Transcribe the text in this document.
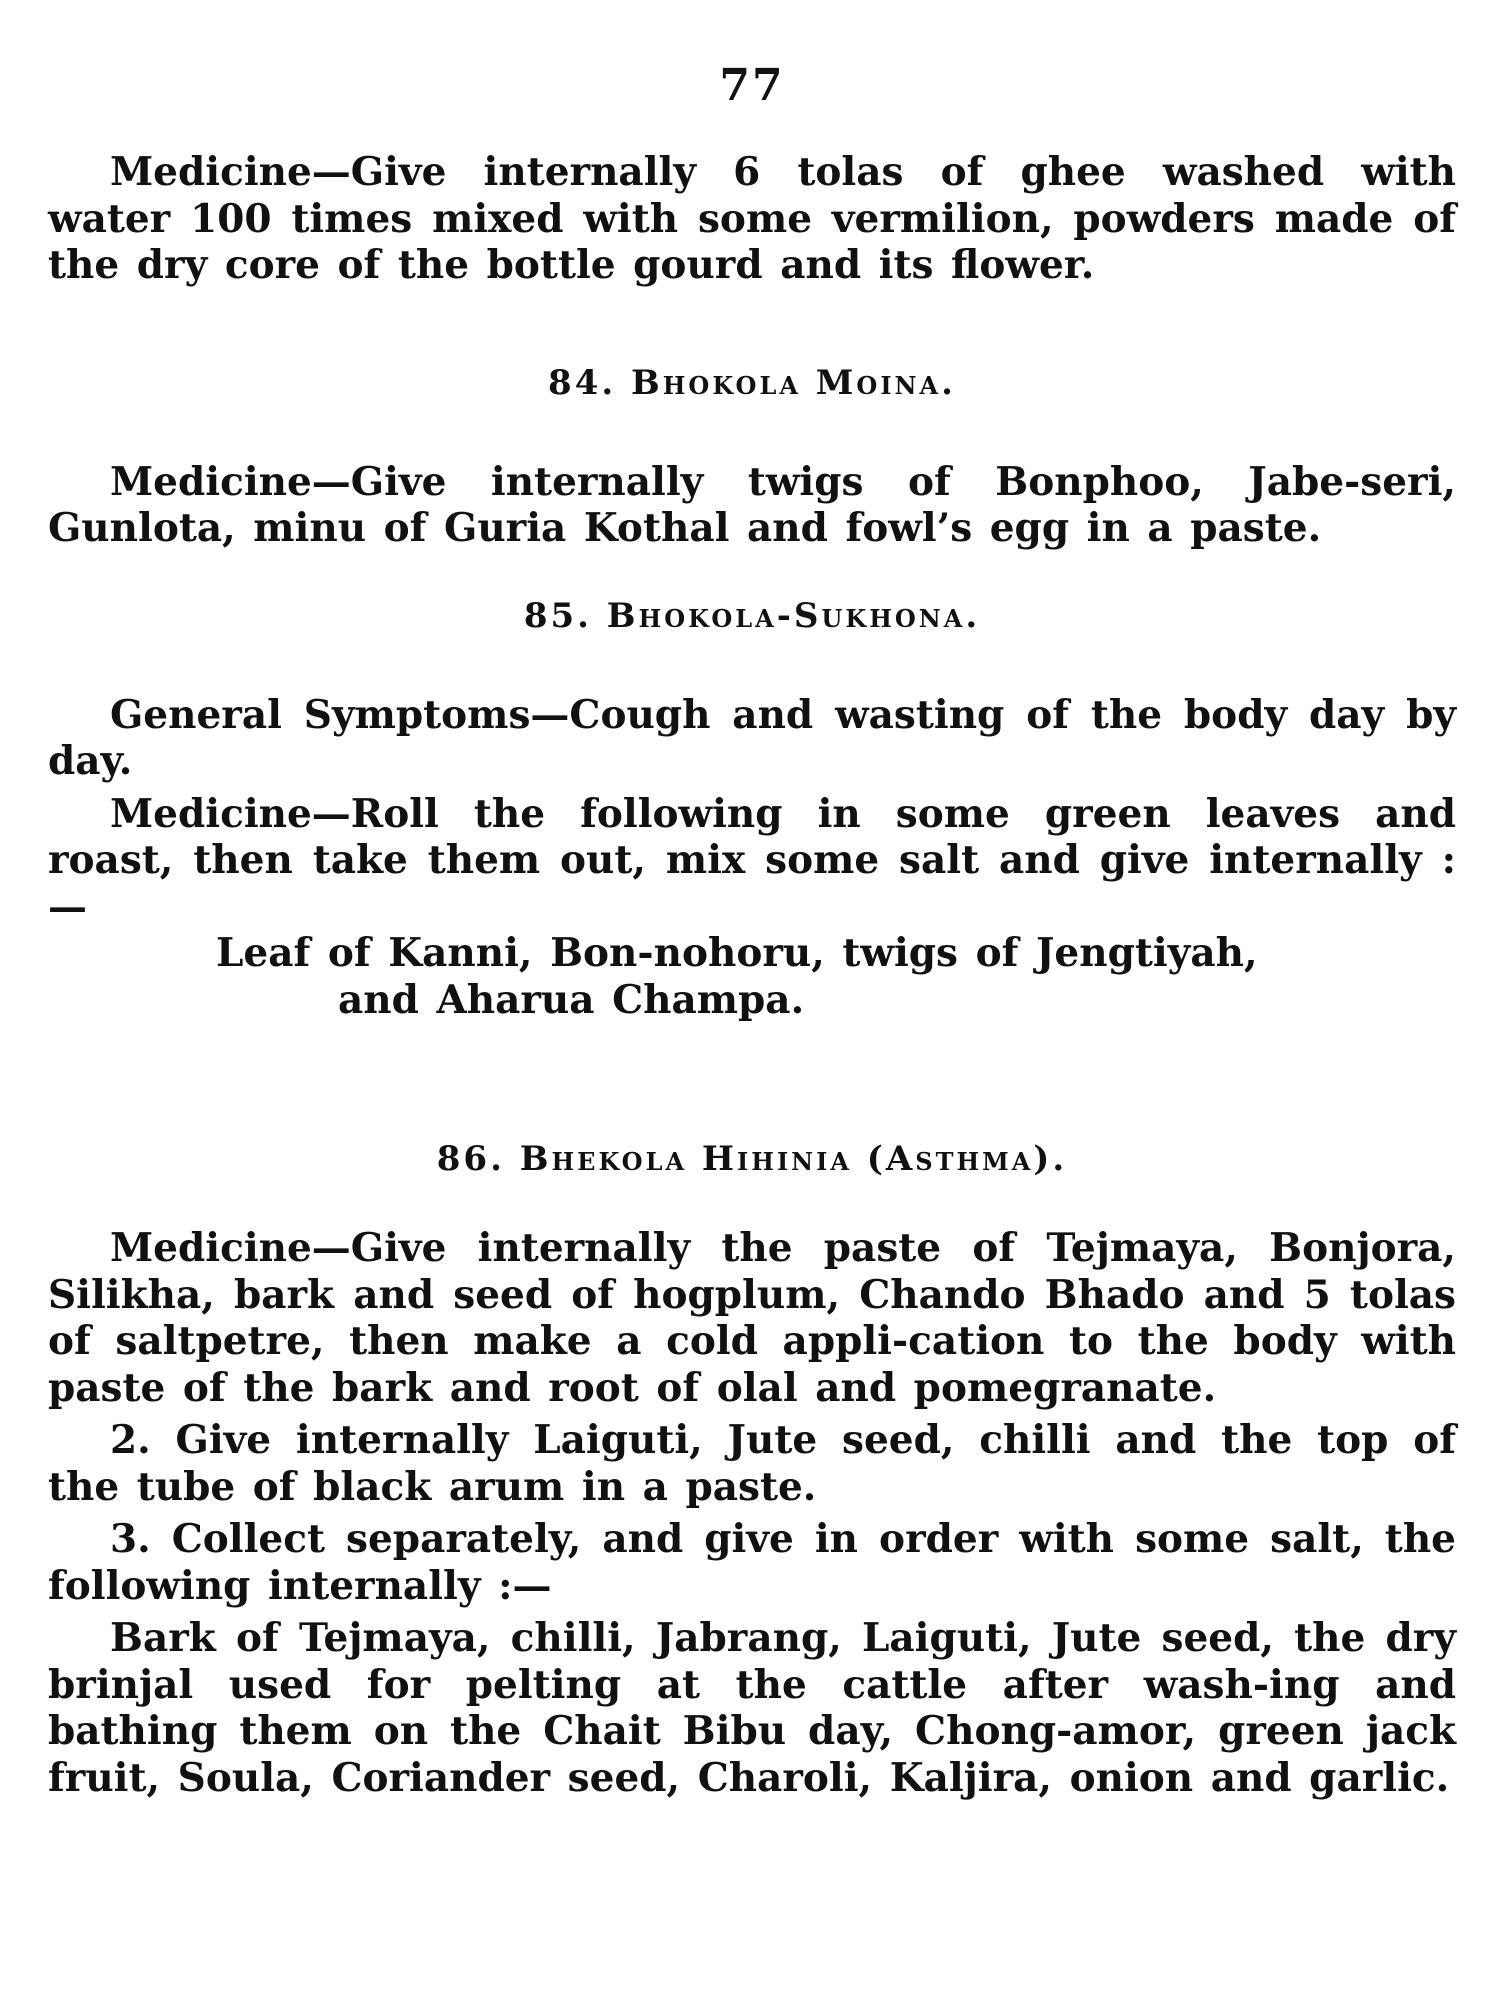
77

Medicine—Give internally 6 tolas of ghee washed with water 100 times mixed with some vermilion, powders made of the dry core of the bottle gourd and its flower.

84. Bhokola Moina.

Medicine—Give internally twigs of Bonphoo, Jabe-seri, Gunlota, minu of Guria Kothal and fowl’s egg in a paste.

85. Bhokola-Sukhona.

General Symptoms—Cough and wasting of the body day by day.

Medicine—Roll the following in some green leaves and roast, then take them out, mix some salt and give internally :—

Leaf of Kanni, Bon-nohoru, twigs of Jengtiyah,
and Aharua Champa.

86. Bhekola Hihinia (Asthma).

Medicine—Give internally the paste of Tejmaya, Bonjora, Silikha, bark and seed of hogplum, Chando Bhado and 5 tolas of saltpetre, then make a cold appli-cation to the body with paste of the bark and root of olal and pomegranate.

2. Give internally Laiguti, Jute seed, chilli and the top of the tube of black arum in a paste.

3. Collect separately, and give in order with some salt, the following internally :—

Bark of Tejmaya, chilli, Jabrang, Laiguti, Jute seed, the dry brinjal used for pelting at the cattle after wash-ing and bathing them on the Chait Bibu day, Chong-amor, green jack fruit, Soula, Coriander seed, Charoli, Kaljira, onion and garlic.
